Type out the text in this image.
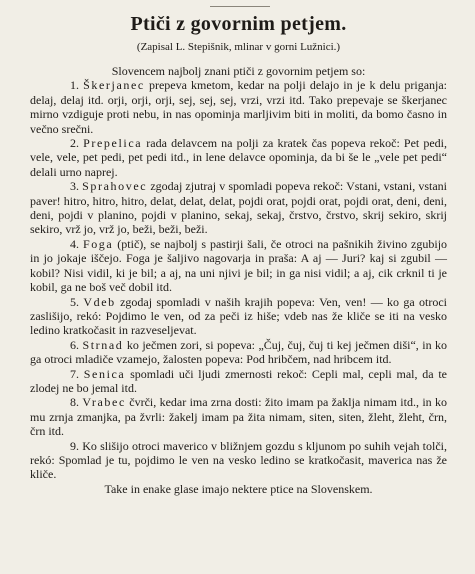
Ptiči z govornim petjem.
(Zapisal L. Stepišnik, mlinar v gorni Lužnici.)

Slovencem najbolj znani ptiči z govornim petjem so:

1. Škerjanec prepeva kmetom, kedar na polji delajo in je k delu priganja: delaj, delaj itd. orji, orji, orji, sej, sej, sej, vrzi, vrzi itd. Tako prepevaje se škerjanec mirno vzdiguje proti nebu, in nas opominja marljivim biti in moliti, da bomo časno in večno srečni.

2. Prepelica rada delavcem na polji za kratek čas popeva rekoč: Pet pedi, vele, vele, pet pedi, pet pedi itd., in lene delavce opominja, da bi še le „vele pet pedi“ delali urno naprej.

3. Sprahovec zgodaj zjutraj v spomladi popeva rekoč: Vstani, vstani, vstani paver! hitro, hitro, hitro, delat, delat, delat, pojdi orat, pojdi orat, pojdi orat, deni, deni, deni, pojdi v planino, pojdi v planino, sekaj, sekaj, črstvo, črstvo, skrij sekiro, skrij sekiro, vrž jo, vrž jo, beži, beži, beži.

4. Foga (ptič), se najbolj s pastirji šali, če otroci na pašnikih živino zgubijo in jo jokaje iščejo. Foga je šaljivo nagovarja in praša: A aj — Juri? kaj si zgubil — kobil? Nisi vidil, ki je bil; a aj, na uni njivi je bil; in ga nisi vidil; a aj, cik crknil ti je kobil, ga ne boš več dobil itd.

5. Vdeb zgodaj spomladi v naših krajih popeva: Ven, ven! — ko ga otroci zaslišijo, rekó: Pojdimo le ven, od za peči iz hiše; vdeb nas že kliče se iti na vesko ledino kratkočasit in razveseljevat.

6. Strnad ko ječmen zori, si popeva: „Čuj, čuj, čuj ti kej ječmen diši“, in ko ga otroci mladiče vzamejo, žalosten popeva: Pod hribčem, nad hribcem itd.

7. Senica spomladi uči ljudi zmernosti rekoč: Cepli mal, cepli mal, da te zlodej ne bo jemal itd.

8. Vrabec čvrči, kedar ima zrna dosti: žito imam pa žaklja nimam itd., in ko mu zrnja zmanjka, pa žvrli: žakelj imam pa žita nimam, siten, siten, žleht, žleht, črn, črn itd.

9. Ko slišijo otroci maverico v bližnjem gozdu s kljunom po suhih vejah tolči, rekó: Spomlad je tu, pojdimo le ven na vesko ledino se kratkočasit, maverica nas že kliče.

Take in enake glase imajo nektere ptice na Slovenskem.
